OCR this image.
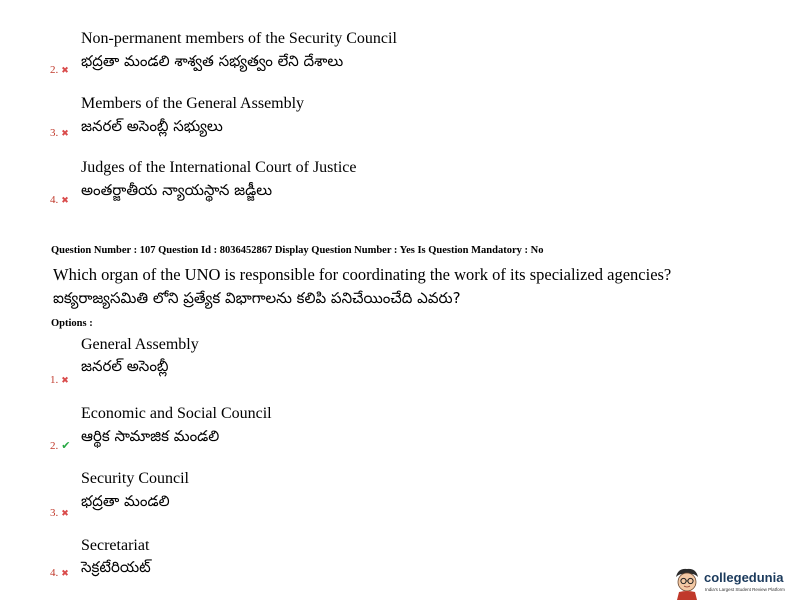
Non-permanent members of the Security Council
భద్రతా మండలి శాశ్వత సభ్యత్వం లేని దేశాలు
2. ✖
Members of the General Assembly
జనరల్ అసెంబ్లీ సభ్యులు
3. ✖
Judges of the International Court of Justice
అంతర్జాతీయ న్యాయస్థాన జడ్జీలు
4. ✖
Question Number : 107 Question Id : 8036452867 Display Question Number : Yes Is Question Mandatory : No
Which organ of the UNO is responsible for coordinating the work of its specialized agencies?
ఐక్యరాజ్యసమితి లోని ప్రత్యేక విభాగాలను కలిపి పనిచేయించేది ఎవరు?
Options :
General Assembly
జనరల్ అసెంబ్లీ
1. ✖
Economic and Social Council
ఆర్థిక సామాజిక మండలి
2. ✔
Security Council
భద్రతా మండలి
3. ✖
Secretariat
సెక్రటేరియట్
4. ✖	collegedunia
India's Largest Student Review Platform
